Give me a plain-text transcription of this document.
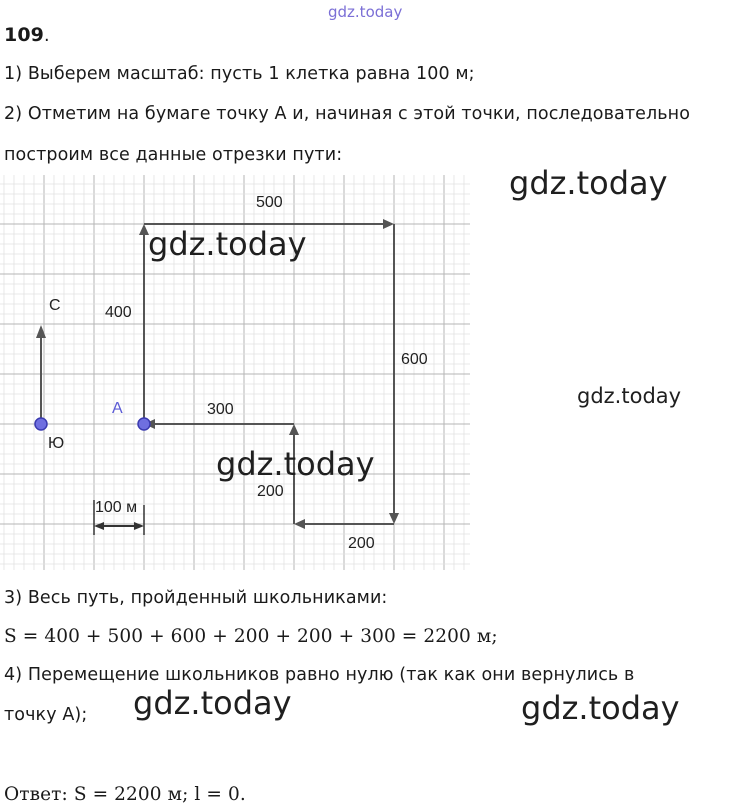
gdz.today
109.
1) Выберем масштаб: пусть 1 клетка равна 100 м;
2) Отметим на бумаге точку A и, начиная с этой точки, последовательно
построим все данные отрезки пути:
С
Ю
А
500
400
600
300
200
200
100 м
gdz.today
gdz.today
gdz.today
gdz.today
3) Весь путь, пройденный школьниками:
S = 400 + 500 + 600 + 200 + 200 + 300 = 2200 м;
4) Перемещение школьников равно нулю (так как они вернулись в
точку A); gdz.today	gdz.today
Ответ: S = 2200 м; l = 0.
